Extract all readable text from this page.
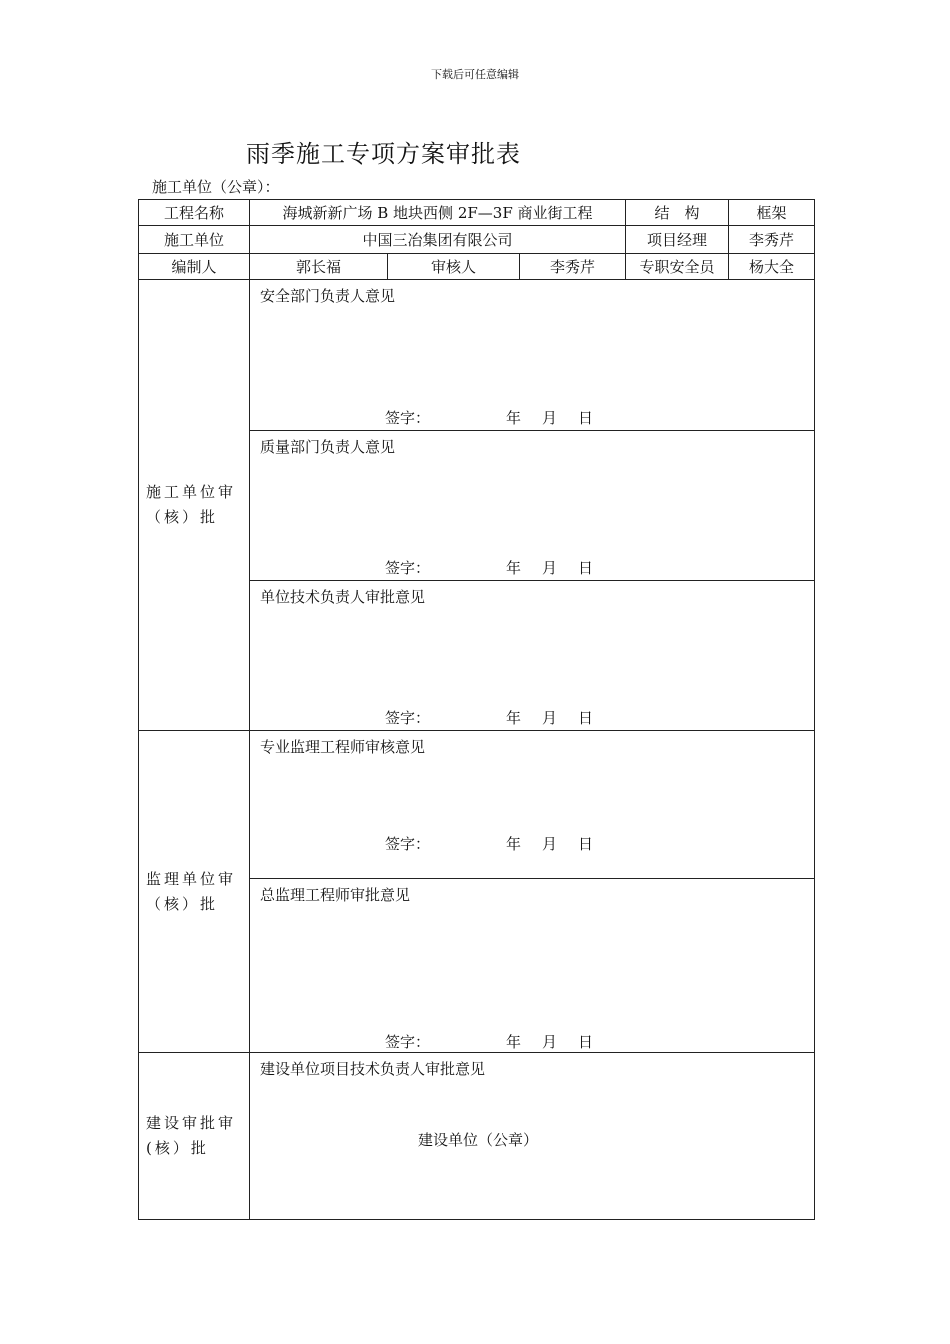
下载后可任意编辑
雨季施工专项方案审批表
施工单位（公章）：
工程名称	海城新新广场 B 地块西侧 2F—3F 商业街工程	结　构	框架
施工单位	中国三冶集团有限公司	项目经理	李秀芹
编制人	郭长福	审核人	李秀芹	专职安全员	杨大全
施工单位审（核）批
安全部门负责人意见
签字：	年　月　日
质量部门负责人意见
签字：	年　月　日
单位技术负责人审批意见
签字：	年　月　日
监理单位审（核）批
专业监理工程师审核意见
签字：	年　月　日
总监理工程师审批意见
签字：	年　月　日
建设审批审(核）批
建设单位项目技术负责人审批意见
建设单位（公章）
